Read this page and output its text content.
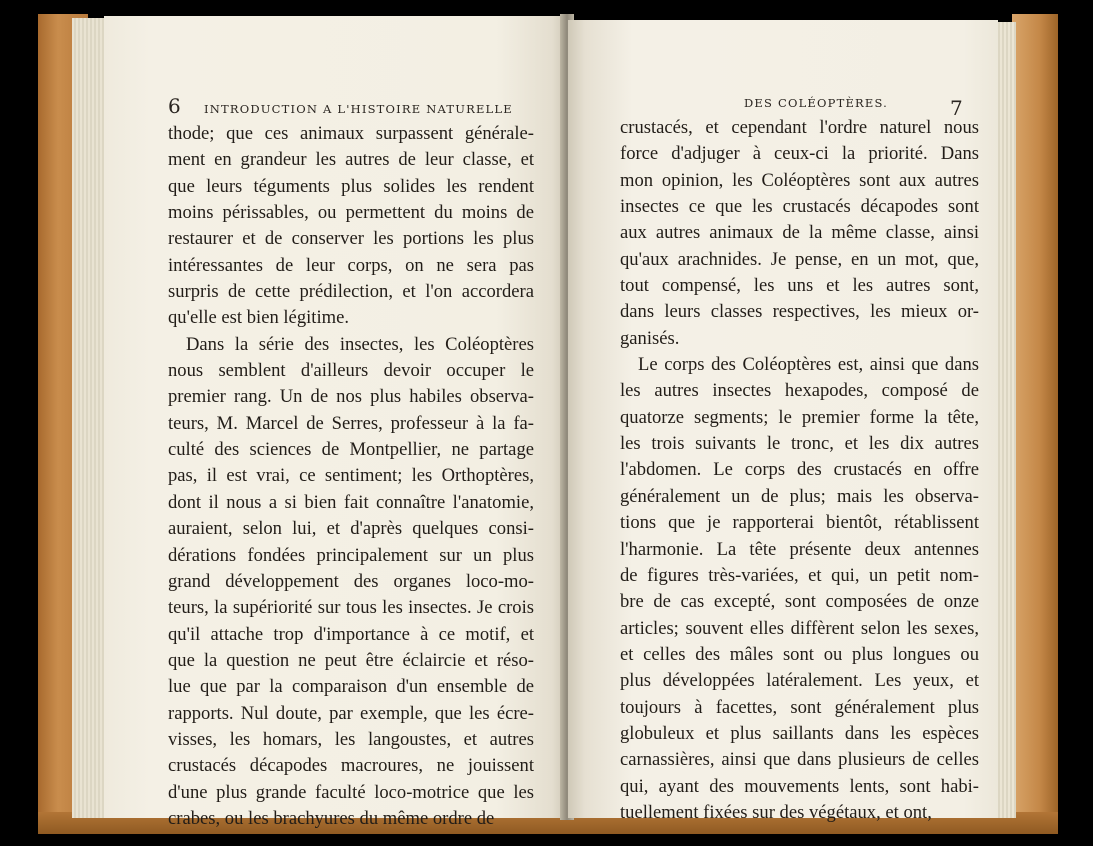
6 INTRODUCTION A L'HISTOIRE NATURELLE
thode; que ces animaux surpassent générale-
ment en grandeur les autres de leur classe, et
que leurs téguments plus solides les rendent
moins périssables, ou permettent du moins de
restaurer et de conserver les portions les plus
intéressantes de leur corps, on ne sera pas
surpris de cette prédilection, et l'on accordera
qu'elle est bien légitime.
Dans la série des insectes, les Coléoptères
nous semblent d'ailleurs devoir occuper le
premier rang. Un de nos plus habiles observa-
teurs, M. Marcel de Serres, professeur à la fa-
culté des sciences de Montpellier, ne partage
pas, il est vrai, ce sentiment; les Orthoptères,
dont il nous a si bien fait connaître l'anatomie,
auraient, selon lui, et d'après quelques consi-
dérations fondées principalement sur un plus
grand développement des organes loco-mo-
teurs, la supériorité sur tous les insectes. Je crois
qu'il attache trop d'importance à ce motif, et
que la question ne peut être éclaircie et réso-
lue que par la comparaison d'un ensemble de
rapports. Nul doute, par exemple, que les écre-
visses, les homars, les langoustes, et autres
crustacés décapodes macroures, ne jouissent
d'une plus grande faculté loco-motrice que les
crabes, ou les brachyures du même ordre de
DES COLÉOPTÈRES.	7
crustacés, et cependant l'ordre naturel nous
force d'adjuger à ceux-ci la priorité. Dans
mon opinion, les Coléoptères sont aux autres
insectes ce que les crustacés décapodes sont
aux autres animaux de la même classe, ainsi
qu'aux arachnides. Je pense, en un mot, que,
tout compensé, les uns et les autres sont,
dans leurs classes respectives, les mieux or-
ganisés.
Le corps des Coléoptères est, ainsi que dans
les autres insectes hexapodes, composé de
quatorze segments; le premier forme la tête,
les trois suivants le tronc, et les dix autres
l'abdomen. Le corps des crustacés en offre
généralement un de plus; mais les observa-
tions que je rapporterai bientôt, rétablissent
l'harmonie. La tête présente deux antennes
de figures très-variées, et qui, un petit nom-
bre de cas excepté, sont composées de onze
articles; souvent elles diffèrent selon les sexes,
et celles des mâles sont ou plus longues ou
plus développées latéralement. Les yeux, et
toujours à facettes, sont généralement plus
globuleux et plus saillants dans les espèces
carnassières, ainsi que dans plusieurs de celles
qui, ayant des mouvements lents, sont habi-
tuellement fixées sur des végétaux, et ont,
